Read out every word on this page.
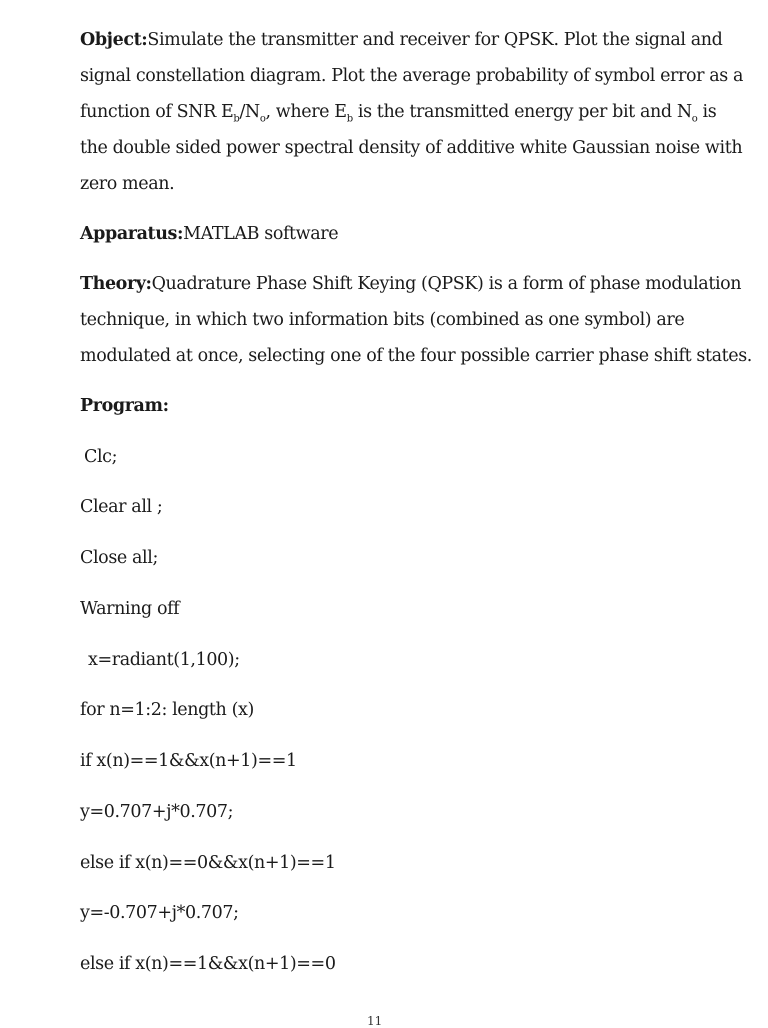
Object:Simulate the transmitter and receiver for QPSK. Plot the signal and
signal constellation diagram. Plot the average probability of symbol error as a
function of SNR $E_b/N_o$, where $E_b$ is the transmitted energy per bit and $N_o$ is
the double sided power spectral density of additive white Gaussian noise with
zero mean.

Apparatus:MATLAB software

Theory:Quadrature Phase Shift Keying (QPSK) is a form of phase modulation
technique, in which two information bits (combined as one symbol) are
modulated at once, selecting one of the four possible carrier phase shift states.

Program:

Clc;

Clear all ;

Close all;

Warning off

x=radiant(1,100);

for n=1:2: length (x)

if x(n)==1&&x(n+1)==1

y=0.707+j*0.707;

else if x(n)==0&&x(n+1)==1

y=-0.707+j*0.707;

else if x(n)==1&&x(n+1)==0

11
